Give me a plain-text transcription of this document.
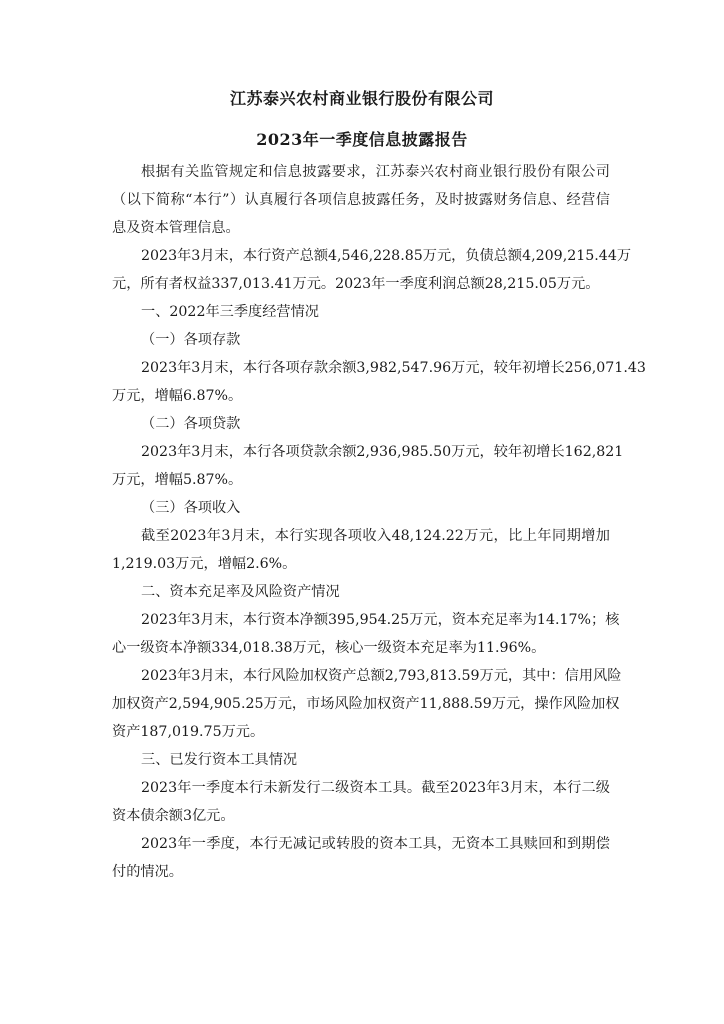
江苏泰兴农村商业银行股份有限公司
2023年一季度信息披露报告
根据有关监管规定和信息披露要求，江苏泰兴农村商业银行股份有限公司
（以下简称“本行”）认真履行各项信息披露任务，及时披露财务信息、经营信
息及资本管理信息。
2023年3月末，本行资产总额4,546,228.85万元，负债总额4,209,215.44万
元，所有者权益337,013.41万元。2023年一季度利润总额28,215.05万元。
一、2022年三季度经营情况
（一）各项存款
2023年3月末，本行各项存款余额3,982,547.96万元，较年初增长256,071.43
万元，增幅6.87%。
（二）各项贷款
2023年3月末，本行各项贷款余额2,936,985.50万元，较年初增长162,821
万元，增幅5.87%。
（三）各项收入
截至2023年3月末，本行实现各项收入48,124.22万元，比上年同期增加
1,219.03万元，增幅2.6%。
二、资本充足率及风险资产情况
2023年3月末，本行资本净额395,954.25万元，资本充足率为14.17%；核
心一级资本净额334,018.38万元，核心一级资本充足率为11.96%。
2023年3月末，本行风险加权资产总额2,793,813.59万元，其中：信用风险
加权资产2,594,905.25万元，市场风险加权资产11,888.59万元，操作风险加权
资产187,019.75万元。
三、已发行资本工具情况
2023年一季度本行未新发行二级资本工具。截至2023年3月末，本行二级
资本债余额3亿元。
2023年一季度，本行无减记或转股的资本工具，无资本工具赎回和到期偿
付的情况。
